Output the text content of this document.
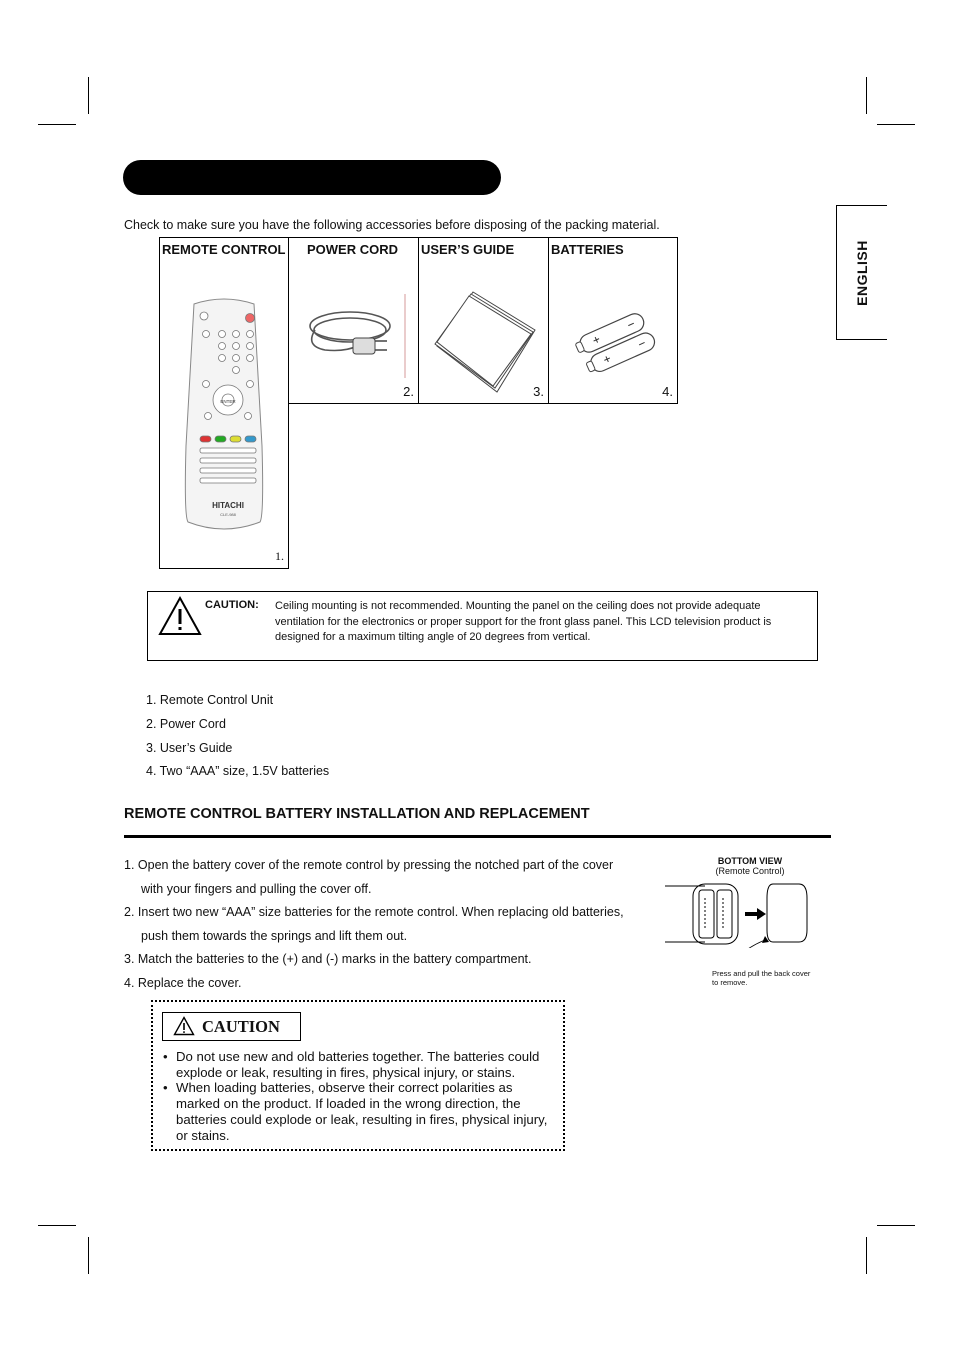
ENGLISH
Check to make sure you have the following accessories before disposing of the packing material.
REMOTE CONTROL
ENTER
HITACHI
CLE-988
1.
POWER CORD
2.
USER’S GUIDE
3.
BATTERIES
4.
CAUTION: Ceiling mounting is not recommended. Mounting the panel on the ceiling does not provide adequate ventilation for the electronics or proper support for the front glass panel. This LCD television product is designed for a maximum tilting angle of 20 degrees from vertical.
1. Remote Control Unit
2. Power Cord
3. User’s Guide
4. Two “AAA” size, 1.5V batteries
REMOTE CONTROL BATTERY INSTALLATION AND REPLACEMENT
1. Open the battery cover of the remote control by pressing the notched part of the cover
with your fingers and pulling the cover off.
2. Insert two new “AAA” size batteries for the remote control. When replacing old batteries,
push them towards the springs and lift them out.
3. Match the batteries to the (+) and (-) marks in the battery compartment.
4. Replace the cover.
BOTTOM VIEW
(Remote Control)
Press and pull the back cover
to remove.
CAUTION
• Do not use new and old batteries together. The batteries could explode or leak, resulting in fires, physical injury, or stains.
• When loading batteries, observe their correct polarities as marked on the product. If loaded in the wrong direction, the batteries could explode or leak, resulting in fires, physical injury, or stains.
